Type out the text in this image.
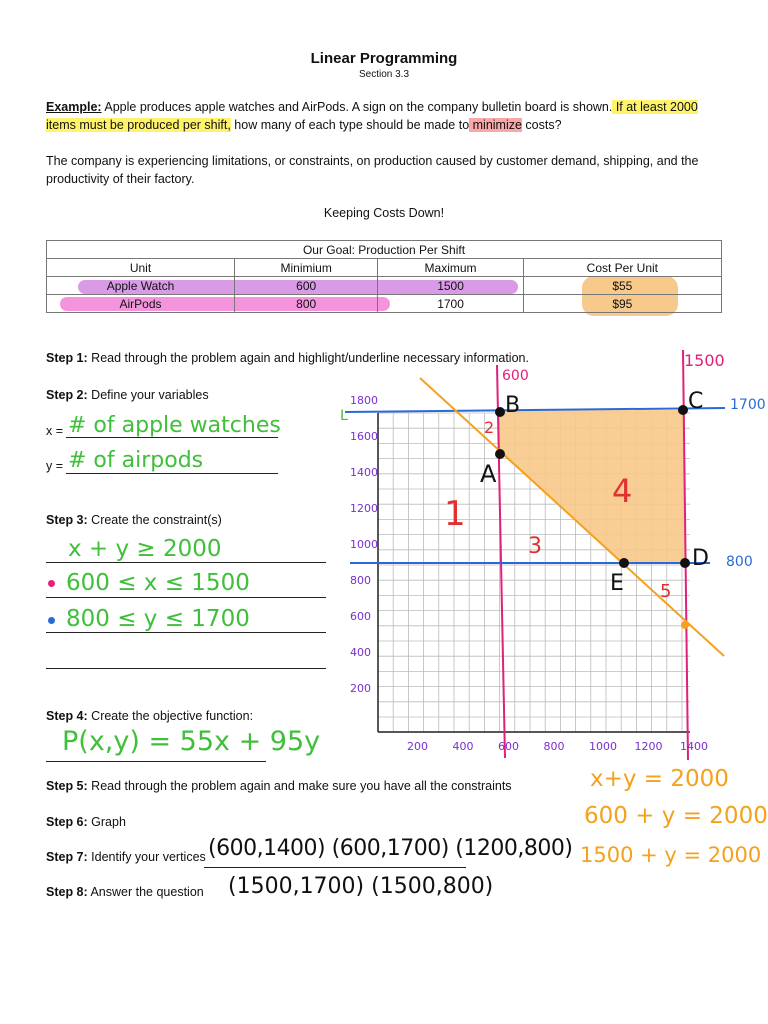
Linear Programming
Section 3.3
Example: Apple produces apple watches and AirPods. A sign on the company bulletin board is shown. If at least 2000 items must be produced per shift, how many of each type should be made to minimize costs?
The company is experiencing limitations, or constraints, on production caused by customer demand, shipping, and the productivity of their factory.
Keeping Costs Down!
Our Goal: Production Per Shift			
Unit	Minimium	Maximum	Cost Per Unit
Apple Watch	600	1500	$55
AirPods	800	1700	$95
Step 1: Read through the problem again and highlight/underline necessary information.
Step 2: Define your variables
x = # of apple watches
y = # of airpods
Step 3: Create the constraint(s)
x + y ≥ 2000
600 ≤ x ≤ 1500
800 ≤ y ≤ 1700
Step 4: Create the objective function:
P(x,y) = 55x + 95y
Step 5: Read through the problem again and make sure you have all the constraints
Step 6: Graph
Step 7: Identify your vertices
Step 8: Answer the question
(600,1400) (600,1700) (1200,800)
(1500,1700) (1500,800)
x+y = 2000
600 + y = 2000
1500 + y = 2000
1800
1600
1400
1200
1000
800
600
400
200
200 400 600 800 1000 1200 1400
600
1500
1700
800
L
A
B	C
D
E
1
2
3
4
5
